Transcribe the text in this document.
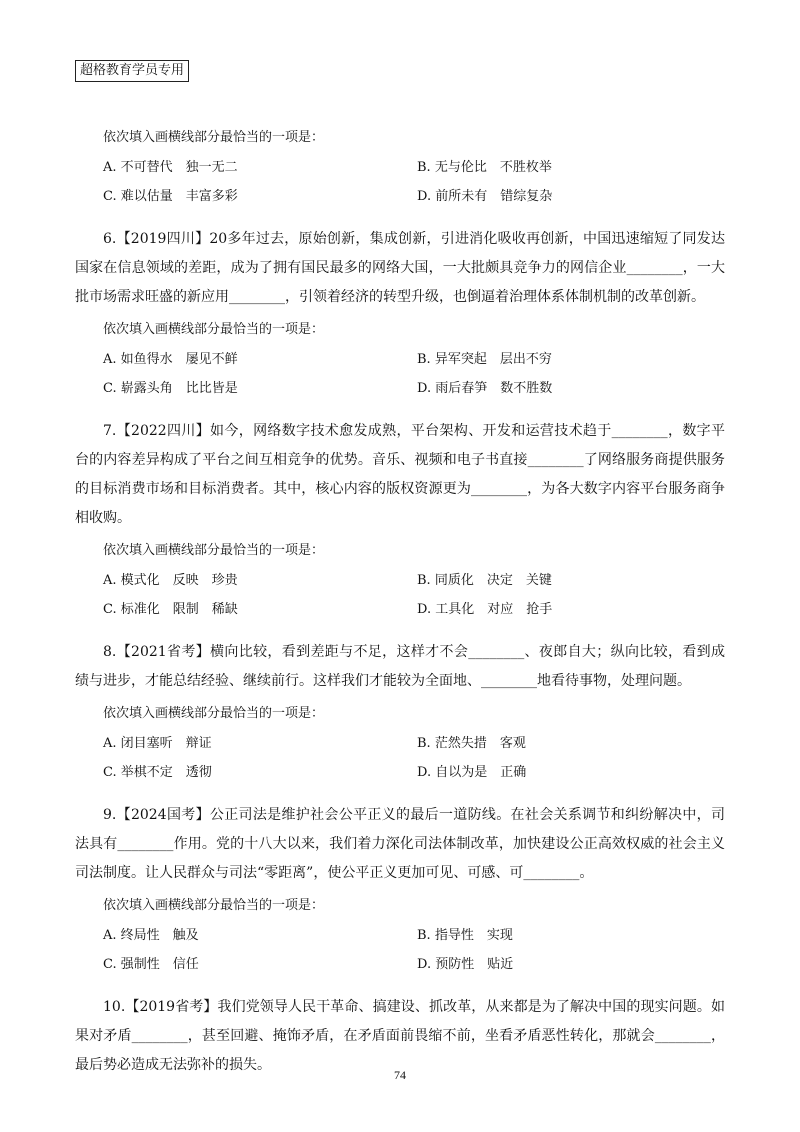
超格教育学员专用

依次填入画横线部分最恰当的一项是：

A. 不可替代　独一无二	B. 无与伦比　不胜枚举
C. 难以估量　丰富多彩	D. 前所未有　错综复杂

6.【2019四川】20多年过去，原始创新，集成创新，引进消化吸收再创新，中国迅速缩短了同发达国家在信息领域的差距，成为了拥有国民最多的网络大国，一大批颇具竞争力的网信企业________，一大批市场需求旺盛的新应用________，引领着经济的转型升级，也倒逼着治理体系体制机制的改革创新。

依次填入画横线部分最恰当的一项是：

A. 如鱼得水　屡见不鲜	B. 异军突起　层出不穷
C. 崭露头角　比比皆是	D. 雨后春笋　数不胜数

7.【2022四川】如今，网络数字技术愈发成熟，平台架构、开发和运营技术趋于________，数字平台的内容差异构成了平台之间互相竞争的优势。音乐、视频和电子书直接________了网络服务商提供服务的目标消费市场和目标消费者。其中，核心内容的版权资源更为________，为各大数字内容平台服务商争相收购。

依次填入画横线部分最恰当的一项是：

A. 模式化　反映　珍贵	B. 同质化　决定　关键
C. 标准化　限制　稀缺	D. 工具化　对应　抢手

8.【2021省考】横向比较，看到差距与不足，这样才不会________、夜郎自大；纵向比较，看到成绩与进步，才能总结经验、继续前行。这样我们才能较为全面地、________地看待事物，处理问题。

依次填入画横线部分最恰当的一项是：

A. 闭目塞听　辩证	B. 茫然失措　客观
C. 举棋不定　透彻	D. 自以为是　正确

9.【2024国考】公正司法是维护社会公平正义的最后一道防线。在社会关系调节和纠纷解决中，司法具有________作用。党的十八大以来，我们着力深化司法体制改革，加快建设公正高效权威的社会主义司法制度。让人民群众与司法“零距离”，使公平正义更加可见、可感、可________。

依次填入画横线部分最恰当的一项是：

A. 终局性　触及	B. 指导性　实现
C. 强制性　信任	D. 预防性　贴近

10.【2019省考】我们党领导人民干革命、搞建设、抓改革，从来都是为了解决中国的现实问题。如果对矛盾________，甚至回避、掩饰矛盾，在矛盾面前畏缩不前，坐看矛盾恶性转化，那就会________，最后势必造成无法弥补的损失。

74
